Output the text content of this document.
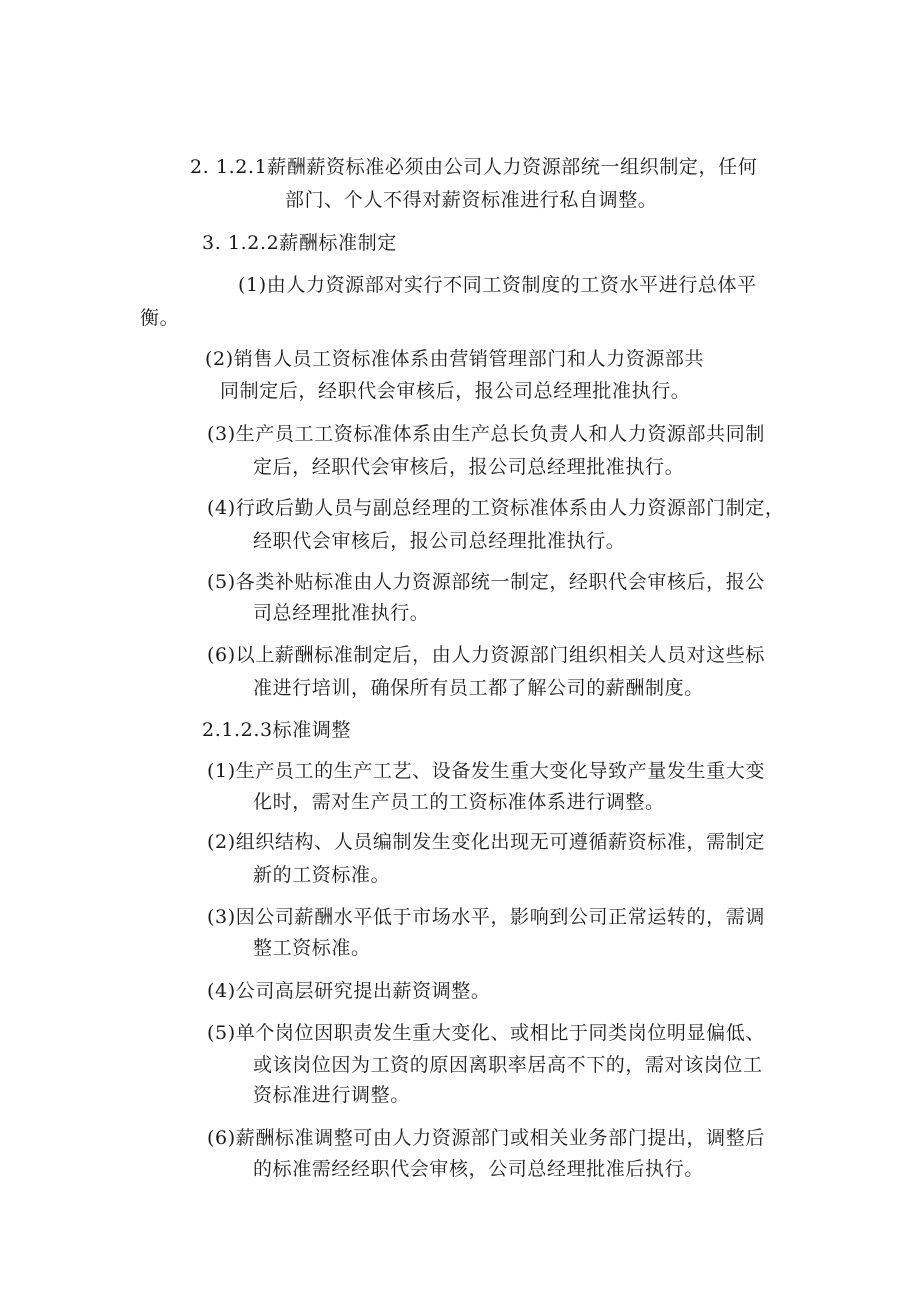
2. 1.2.1薪酬薪资标准必须由公司人力资源部统一组织制定，任何
部门、个人不得对薪资标准进行私自调整。
3. 1.2.2薪酬标准制定
(1)由人力资源部对实行不同工资制度的工资水平进行总体平
衡。
(2)销售人员工资标准体系由营销管理部门和人力资源部共
同制定后，经职代会审核后，报公司总经理批准执行。
(3)生产员工工资标准体系由生产总长负责人和人力资源部共同制
定后，经职代会审核后，报公司总经理批准执行。
(4)行政后勤人员与副总经理的工资标准体系由人力资源部门制定，
经职代会审核后，报公司总经理批准执行。
(5)各类补贴标准由人力资源部统一制定，经职代会审核后，报公
司总经理批准执行。
(6)以上薪酬标准制定后，由人力资源部门组织相关人员对这些标
准进行培训，确保所有员工都了解公司的薪酬制度。
2.1.2.3标准调整
(1)生产员工的生产工艺、设备发生重大变化导致产量发生重大变
化时，需对生产员工的工资标准体系进行调整。
(2)组织结构、人员编制发生变化出现无可遵循薪资标准，需制定
新的工资标准。
(3)因公司薪酬水平低于市场水平，影响到公司正常运转的，需调
整工资标准。
(4)公司高层研究提出薪资调整。
(5)单个岗位因职责发生重大变化、或相比于同类岗位明显偏低、
或该岗位因为工资的原因离职率居高不下的，需对该岗位工
资标准进行调整。
(6)薪酬标准调整可由人力资源部门或相关业务部门提出，调整后
的标准需经经职代会审核，公司总经理批准后执行。
